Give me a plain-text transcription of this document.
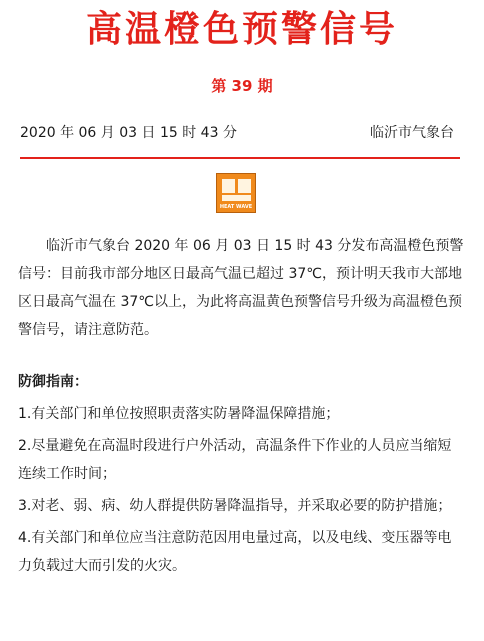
高温橙色预警信号
第 39 期
2020 年 06 月 03 日 15 时 43 分	临沂市气象台
HEAT WAVE

临沂市气象台 2020 年 06 月 03 日 15 时 43 分发布高温橙色预警信号：目前我市部分地区日最高气温已超过 37℃，预计明天我市大部地区日最高气温在 37℃以上，为此将高温黄色预警信号升级为高温橙色预警信号，请注意防范。

防御指南：
1.有关部门和单位按照职责落实防暑降温保障措施；
2.尽量避免在高温时段进行户外活动，高温条件下作业的人员应当缩短连续工作时间；
3.对老、弱、病、幼人群提供防暑降温指导，并采取必要的防护措施；
4.有关部门和单位应当注意防范因用电量过高，以及电线、变压器等电力负载过大而引发的火灾。
